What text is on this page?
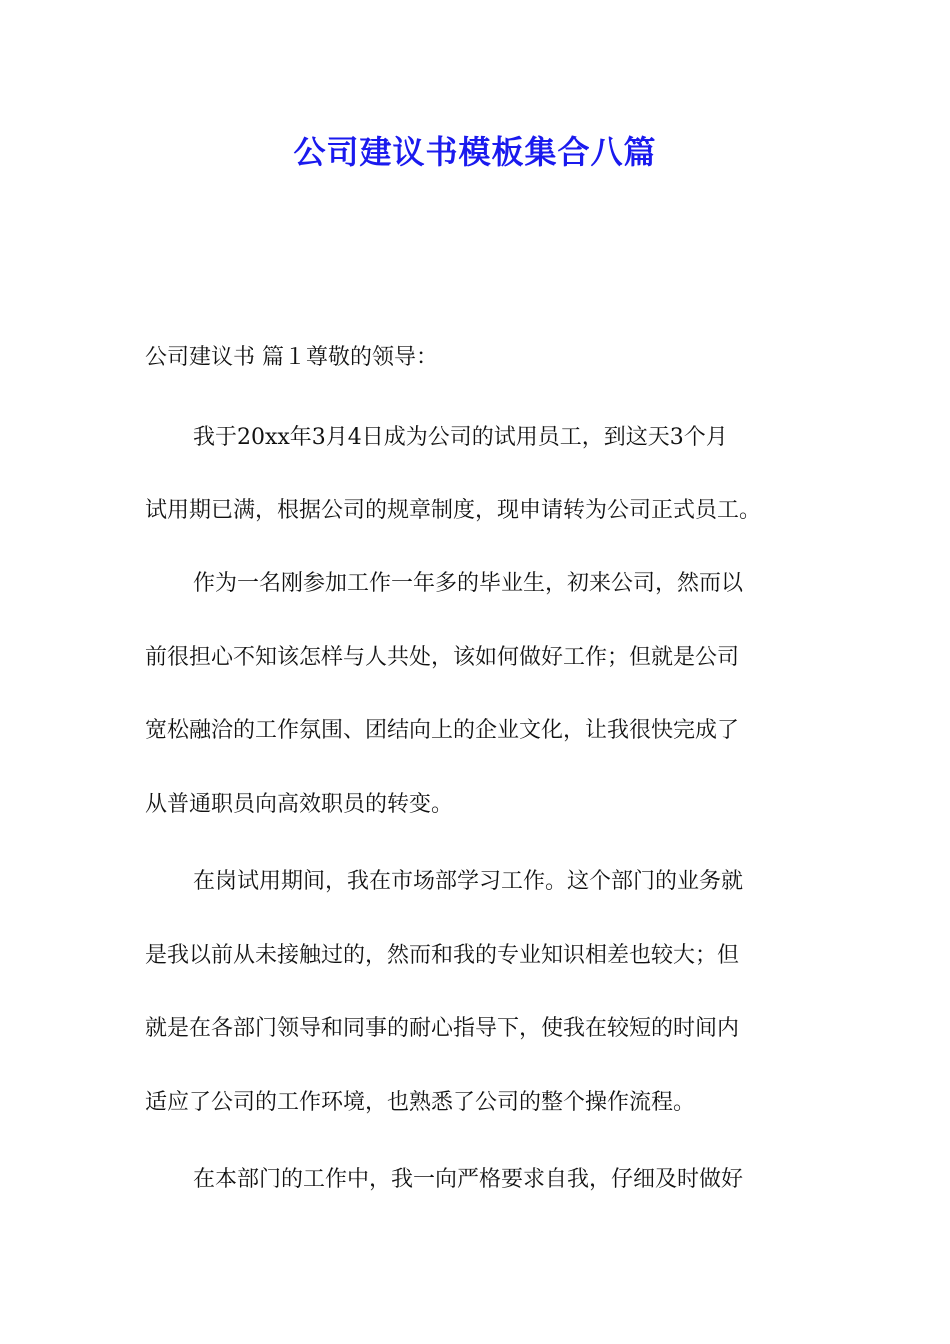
公司建议书模板集合八篇
公司建议书 篇１尊敬的领导：
我于20xx年3月4日成为公司的试用员工，到这天3个月
试用期已满，根据公司的规章制度，现申请转为公司正式员工。
作为一名刚参加工作一年多的毕业生，初来公司，然而以
前很担心不知该怎样与人共处，该如何做好工作；但就是公司
宽松融洽的工作氛围、团结向上的企业文化，让我很快完成了
从普通职员向高效职员的转变。
在岗试用期间，我在市场部学习工作。这个部门的业务就
是我以前从未接触过的，然而和我的专业知识相差也较大；但
就是在各部门领导和同事的耐心指导下，使我在较短的时间内
适应了公司的工作环境，也熟悉了公司的整个操作流程。
在本部门的工作中，我一向严格要求自我，仔细及时做好
